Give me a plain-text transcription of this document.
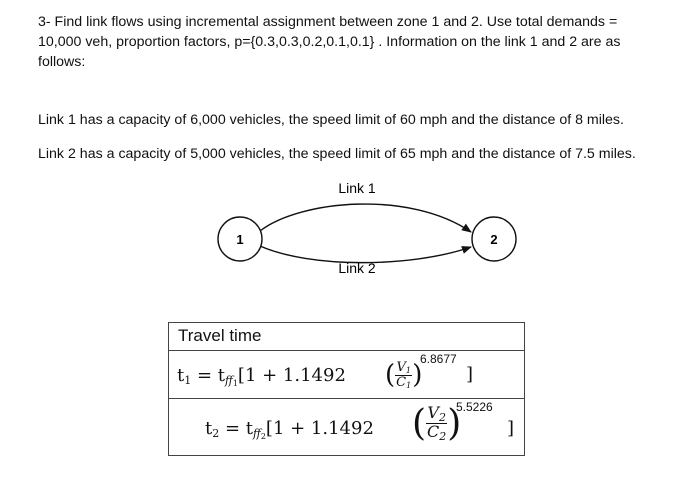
3- Find link flows using incremental assignment between zone 1 and 2. Use total demands =
10,000 veh, proportion factors, p={0.3,0.3,0.2,0.1,0.1} . Information on the link 1 and 2 are as
follows:
Link 1 has a capacity of 6,000 vehicles, the speed limit of 60 mph and the distance of 8 miles.
Link 2 has a capacity of 5,000 vehicles, the speed limit of 65 mph and the distance of 7.5 miles.
Link 1
1	2
Link 2
Travel time
$t_1 = t_{ff1}[1 + 1.1492$ ( $\frac{V1}{C1}$ )
6.8677
]
$t_2 = t_{ff2}[1 + 1.1492$ ( $\frac{V_2}{C_2}$ )
5.5226
]
